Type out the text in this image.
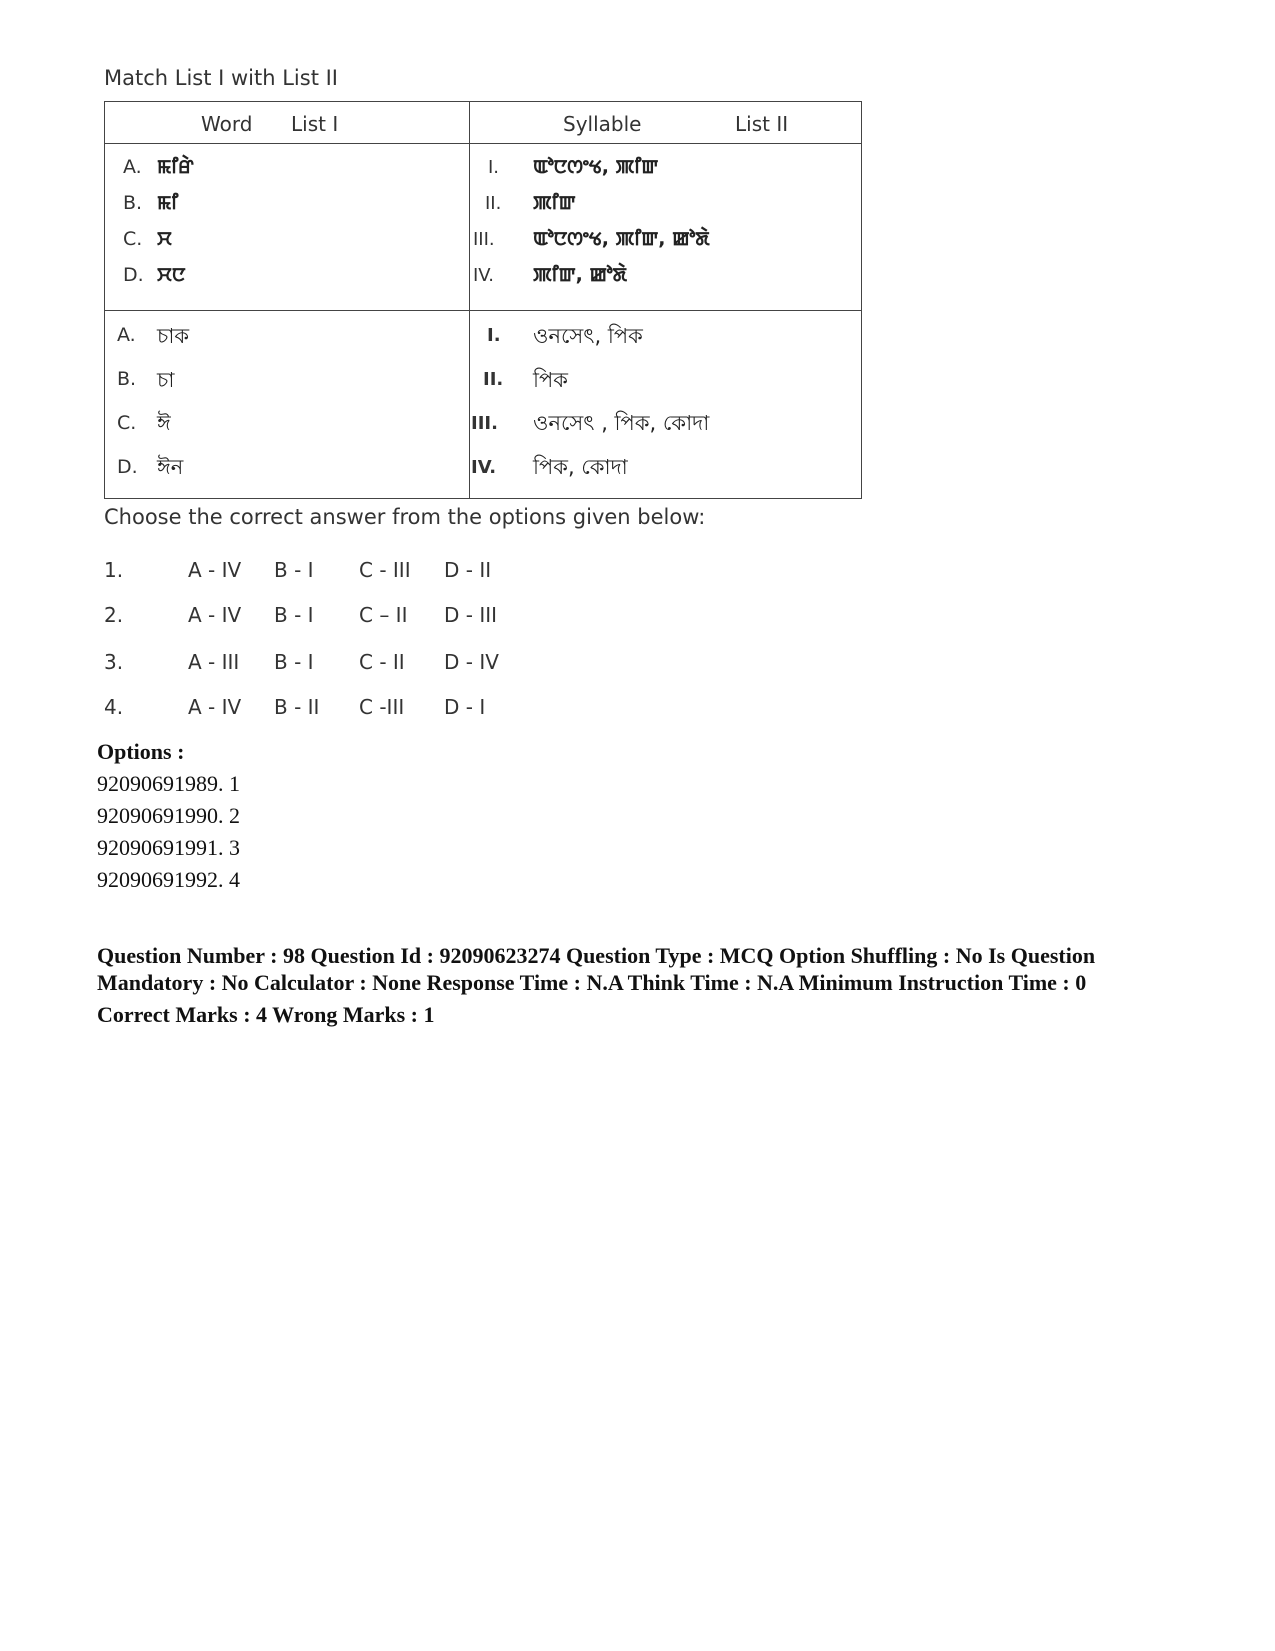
Match List I with List II
Word List I	Syllable	List II
A. ꯃꯤꯔꯥ
B. ꯃꯤ
C. ꯆ
D. ꯆꯅ
I. ꯑꯣꯅꯁꯦꯠ, ꯄꯤꯛ
II. ꯄꯤꯛ
III. ꯑꯣꯅꯁꯦꯠ, ꯄꯤꯛ, ꯀꯣꯗꯥ
IV. ꯄꯤꯛ, ꯀꯣꯗꯥ
A. চাক
B. চা
C. ঈ
D. ঈন
I. ওনসেৎ, পিক
II. পিক
III. ওনসেৎ , পিক, কোদা
IV. পিক, কোদা
Choose the correct answer from the options given below:
1.	A - IV B - I C - III D - II
2.	A - IV B - I C – II D - III
3.	A - III B - I C - II D - IV
4.	A - IV B - II C -III D - I
Options :
92090691989. 1
92090691990. 2
92090691991. 3
92090691992. 4
Question Number : 98 Question Id : 92090623274 Question Type : MCQ Option Shuffling : No Is Question Mandatory : No Calculator : None Response Time : N.A Think Time : N.A Minimum Instruction Time : 0
Correct Marks : 4 Wrong Marks : 1
